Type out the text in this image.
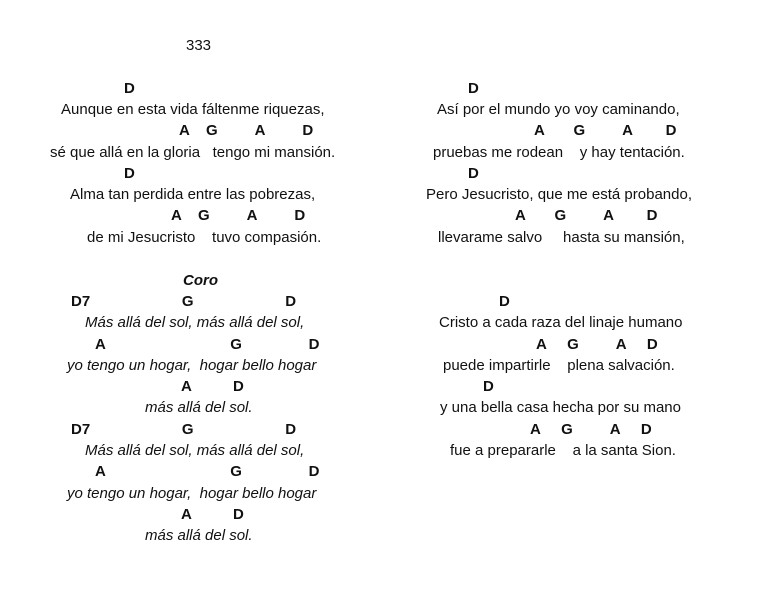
333
D
Aunque en esta vida fáltenme riquezas,
A    G         A         D
sé que allá en la gloria   tengo mi mansión.
D
Alma tan perdida entre las pobrezas,
A    G         A         D
de mi Jesucristo    tuvo compasión.
Coro
D7                      G                      D
Más allá del sol, más allá del sol,
A                              G                D
yo tengo un hogar,  hogar bello hogar
A          D
más allá del sol.
D7                      G                      D
Más allá del sol, más allá del sol,
A                              G                D
yo tengo un hogar,  hogar bello hogar
A          D
más allá del sol.
D
Así por el mundo yo voy caminando,
A       G         A        D
pruebas me rodean    y hay tentación.
D
Pero Jesucristo, que me está probando,
A       G         A        D
llevarame salvo     hasta su mansión,
D
Cristo a cada raza del linaje humano
A     G         A     D
puede impartirle    plena salvación.
D
y una bella casa hecha por su mano
A     G         A     D
fue a prepararle    a la santa Sion.
